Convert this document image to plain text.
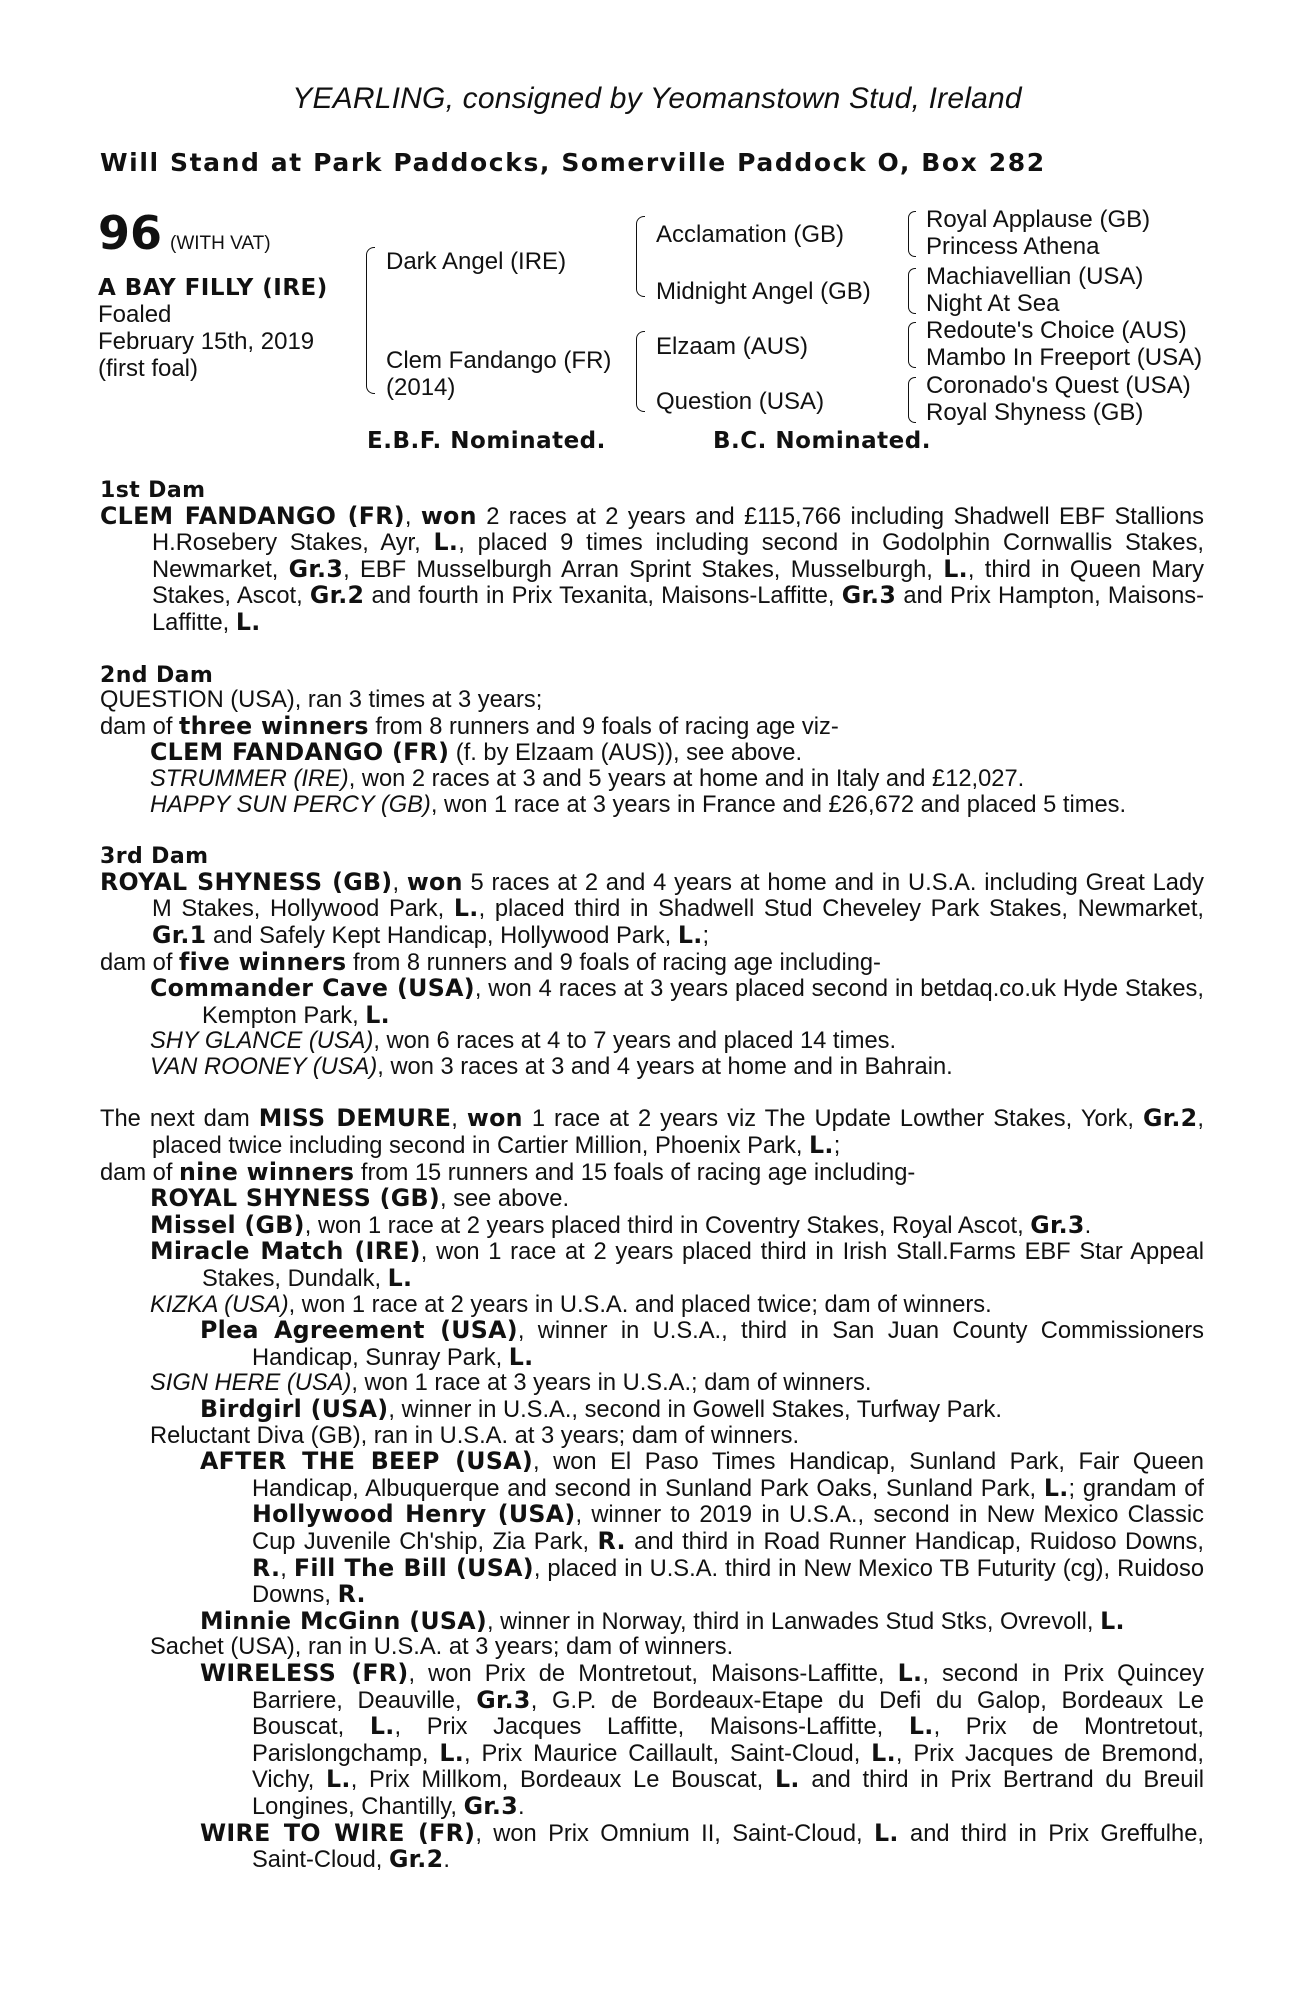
YEARLING, consigned by Yeomanstown Stud, Ireland
Will Stand at Park Paddocks, Somerville Paddock O, Box 282
96 (WITH VAT)
A BAY FILLY (IRE)
Foaled
February 15th, 2019
(first foal)
Dark Angel (IRE)
Clem Fandango (FR)
(2014)
Acclamation (GB)
Midnight Angel (GB)
Elzaam (AUS)
Question (USA)
Royal Applause (GB)
Princess Athena
Machiavellian (USA)
Night At Sea
Redoute's Choice (AUS)
Mambo In Freeport (USA)
Coronado's Quest (USA)
Royal Shyness (GB)
E.B.F. Nominated.	B.C. Nominated.
1st Dam
CLEM FANDANGO (FR), won 2 races at 2 years and £115,766 including Shadwell EBF Stallions H.Rosebery Stakes, Ayr, L., placed 9 times including second in Godolphin Cornwallis Stakes, Newmarket, Gr.3, EBF Musselburgh Arran Sprint Stakes, Musselburgh, L., third in Queen Mary Stakes, Ascot, Gr.2 and fourth in Prix Texanita, Maisons-Laffitte, Gr.3 and Prix Hampton, Maisons-Laffitte, L.
2nd Dam
QUESTION (USA), ran 3 times at 3 years;
dam of three winners from 8 runners and 9 foals of racing age viz-
CLEM FANDANGO (FR) (f. by Elzaam (AUS)), see above.
STRUMMER (IRE), won 2 races at 3 and 5 years at home and in Italy and £12,027.
HAPPY SUN PERCY (GB), won 1 race at 3 years in France and £26,672 and placed 5 times.
3rd Dam
ROYAL SHYNESS (GB), won 5 races at 2 and 4 years at home and in U.S.A. including Great Lady M Stakes, Hollywood Park, L., placed third in Shadwell Stud Cheveley Park Stakes, Newmarket, Gr.1 and Safely Kept Handicap, Hollywood Park, L.;
dam of five winners from 8 runners and 9 foals of racing age including-
Commander Cave (USA), won 4 races at 3 years placed second in betdaq.co.uk Hyde Stakes, Kempton Park, L.
SHY GLANCE (USA), won 6 races at 4 to 7 years and placed 14 times.
VAN ROONEY (USA), won 3 races at 3 and 4 years at home and in Bahrain.
The next dam MISS DEMURE, won 1 race at 2 years viz The Update Lowther Stakes, York, Gr.2, placed twice including second in Cartier Million, Phoenix Park, L.;
dam of nine winners from 15 runners and 15 foals of racing age including-
ROYAL SHYNESS (GB), see above.
Missel (GB), won 1 race at 2 years placed third in Coventry Stakes, Royal Ascot, Gr.3.
Miracle Match (IRE), won 1 race at 2 years placed third in Irish Stall.Farms EBF Star Appeal Stakes, Dundalk, L.
KIZKA (USA), won 1 race at 2 years in U.S.A. and placed twice; dam of winners.
Plea Agreement (USA), winner in U.S.A., third in San Juan County Commissioners Handicap, Sunray Park, L.
SIGN HERE (USA), won 1 race at 3 years in U.S.A.; dam of winners.
Birdgirl (USA), winner in U.S.A., second in Gowell Stakes, Turfway Park.
Reluctant Diva (GB), ran in U.S.A. at 3 years; dam of winners.
AFTER THE BEEP (USA), won El Paso Times Handicap, Sunland Park, Fair Queen Handicap, Albuquerque and second in Sunland Park Oaks, Sunland Park, L.; grandam of Hollywood Henry (USA), winner to 2019 in U.S.A., second in New Mexico Classic Cup Juvenile Ch'ship, Zia Park, R. and third in Road Runner Handicap, Ruidoso Downs, R., Fill The Bill (USA), placed in U.S.A. third in New Mexico TB Futurity (cg), Ruidoso Downs, R.
Minnie McGinn (USA), winner in Norway, third in Lanwades Stud Stks, Ovrevoll, L.
Sachet (USA), ran in U.S.A. at 3 years; dam of winners.
WIRELESS (FR), won Prix de Montretout, Maisons-Laffitte, L., second in Prix Quincey Barriere, Deauville, Gr.3, G.P. de Bordeaux-Etape du Defi du Galop, Bordeaux Le Bouscat, L., Prix Jacques Laffitte, Maisons-Laffitte, L., Prix de Montretout, Parislongchamp, L., Prix Maurice Caillault, Saint-Cloud, L., Prix Jacques de Bremond, Vichy, L., Prix Millkom, Bordeaux Le Bouscat, L. and third in Prix Bertrand du Breuil Longines, Chantilly, Gr.3.
WIRE TO WIRE (FR), won Prix Omnium II, Saint-Cloud, L. and third in Prix Greffulhe, Saint-Cloud, Gr.2.
